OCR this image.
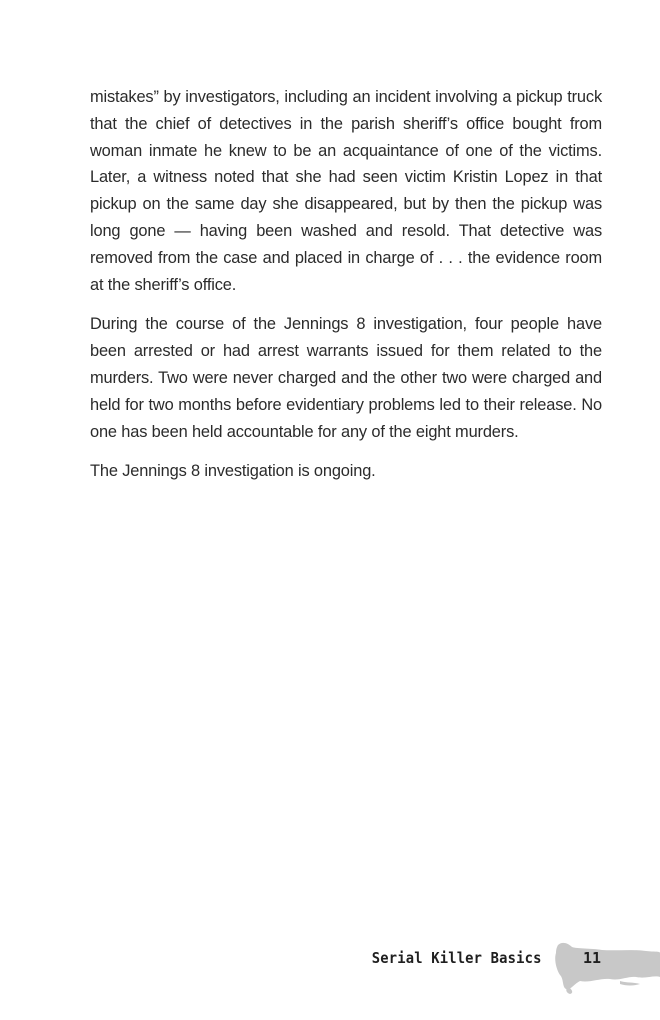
mistakes” by investigators, including an incident involving a pickup truck that the chief of detectives in the parish sheriff’s office bought from woman inmate he knew to be an acquaintance of one of the victims. Later, a witness noted that she had seen victim Kristin Lopez in that pickup on the same day she disappeared, but by then the pickup was long gone — having been washed and resold. That detective was removed from the case and placed in charge of . . . the evidence room at the sheriff’s office.

During the course of the Jennings 8 investigation, four people have been arrested or had arrest warrants issued for them related to the murders. Two were never charged and the other two were charged and held for two months before evidentiary problems led to their release. No one has been held accountable for any of the eight murders.

The Jennings 8 investigation is ongoing.

Serial Killer Basics	11
